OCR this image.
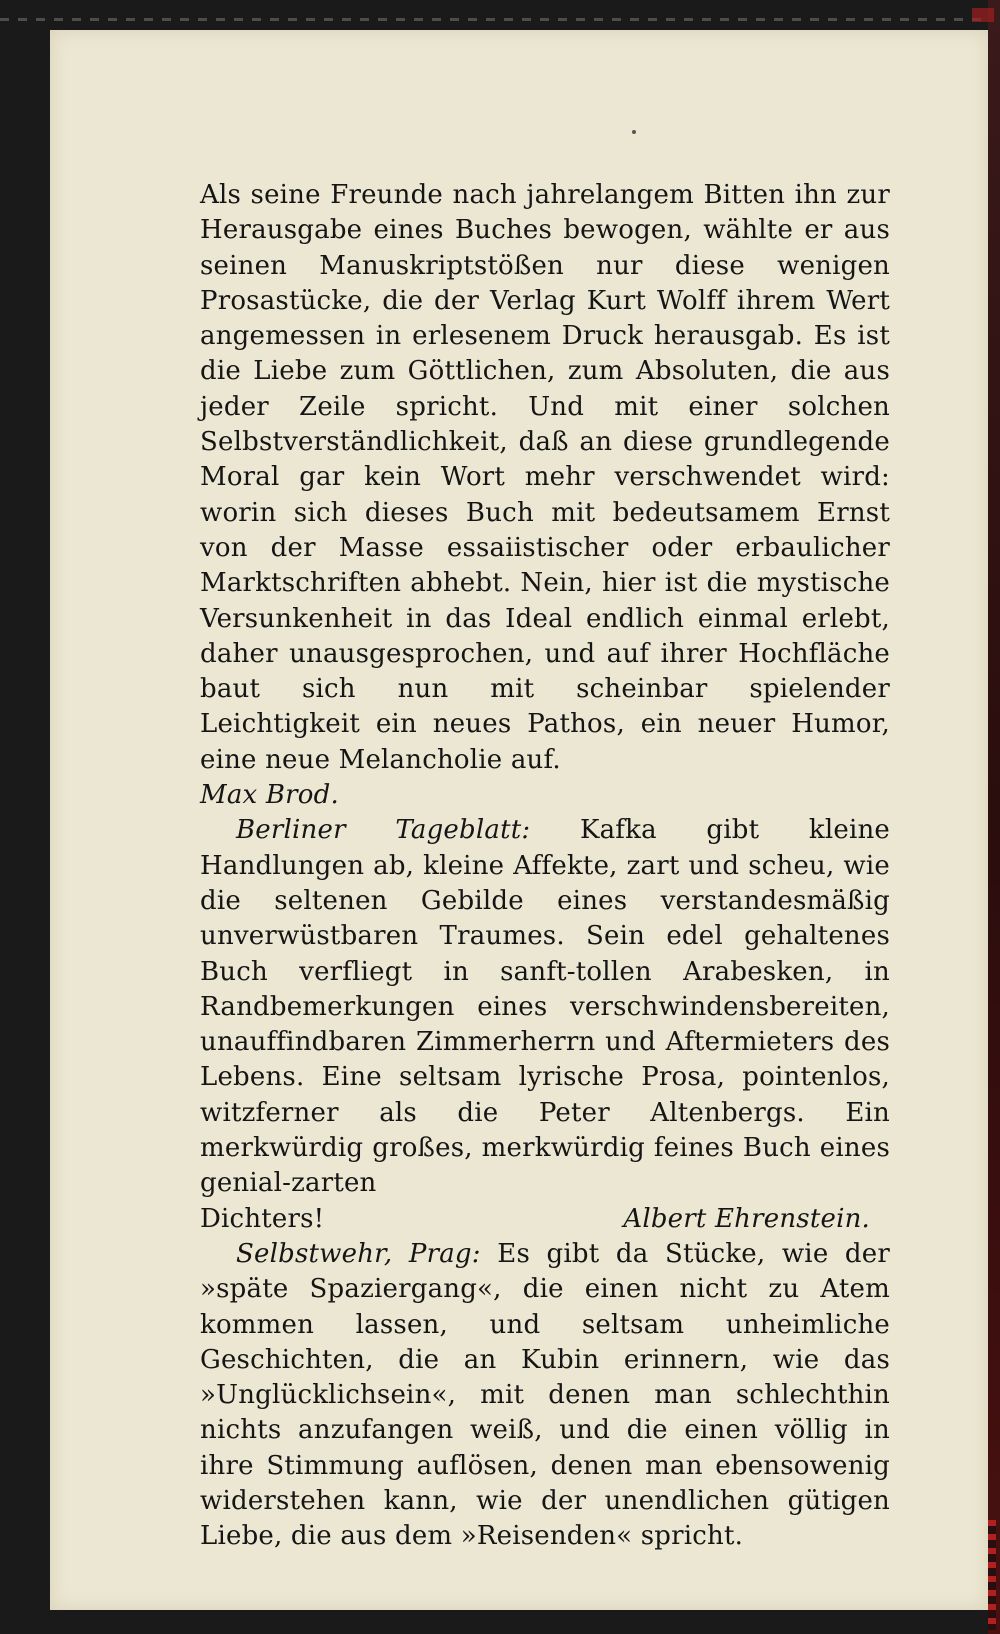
Als seine Freunde nach jahrelangem Bitten ihn zur Herausgabe eines Buches bewogen, wählte er aus seinen Manuskriptstößen nur diese wenigen Prosastücke, die der Verlag Kurt Wolff ihrem Wert angemessen in erlesenem Druck herausgab. Es ist die Liebe zum Göttlichen, zum Absoluten, die aus jeder Zeile spricht. Und mit einer solchen Selbstverständlichkeit, daß an diese grundlegende Moral gar kein Wort mehr verschwendet wird: worin sich dieses Buch mit bedeutsamem Ernst von der Masse essaiistischer oder erbaulicher Marktschriften abhebt. Nein, hier ist die mystische Versunkenheit in das Ideal endlich einmal erlebt, daher unausgesprochen, und auf ihrer Hochfläche baut sich nun mit scheinbar spielender Leichtigkeit ein neues Pathos, ein neuer Humor, eine neue Melancholie auf.

Max Brod.

Berliner Tageblatt: Kafka gibt kleine Handlungen ab, kleine Affekte, zart und scheu, wie die seltenen Gebilde eines verstandesmäßig unverwüstbaren Traumes. Sein edel gehaltenes Buch verfliegt in sanft-tollen Arabesken, in Randbemerkungen eines verschwindensbereiten, unauffindbaren Zimmerherrn und Aftermieters des Lebens. Eine seltsam lyrische Prosa, pointenlos, witzferner als die Peter Altenbergs. Ein merkwürdig großes, merkwürdig feines Buch eines genial-zarten

Dichters!	Albert Ehrenstein.

Selbstwehr, Prag: Es gibt da Stücke, wie der »späte Spaziergang«, die einen nicht zu Atem kommen lassen, und seltsam unheimliche Geschichten, die an Kubin erinnern, wie das »Unglücklichsein«, mit denen man schlechthin nichts anzufangen weiß, und die einen völlig in ihre Stimmung auflösen, denen man ebensowenig widerstehen kann, wie der unendlichen gütigen Liebe, die aus dem »Reisenden« spricht.
